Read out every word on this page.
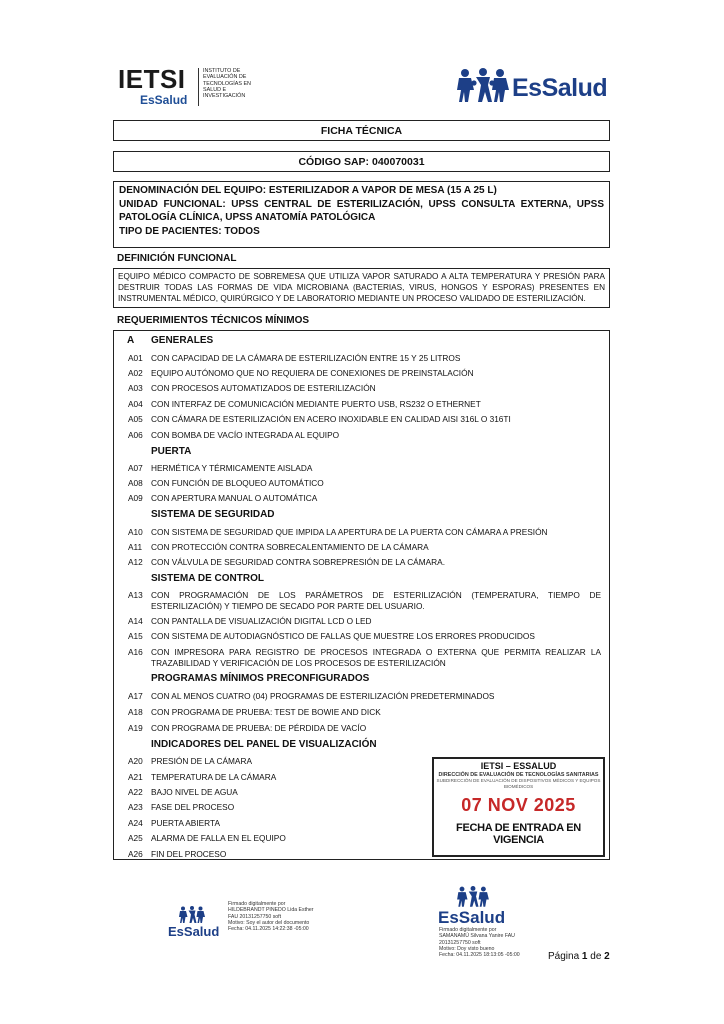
IETSI
EsSalud
INSTITUTO DE
EVALUACIÓN DE
TECNOLOGÍAS EN
SALUD E
INVESTIGACIÓN	EsSalud
FICHA TÉCNICA
CÓDIGO SAP: 040070031
DENOMINACIÓN DEL EQUIPO: ESTERILIZADOR A VAPOR DE MESA (15 A 25 L)
UNIDAD FUNCIONAL: UPSS CENTRAL DE ESTERILIZACIÓN, UPSS CONSULTA EXTERNA, UPSS PATOLOGÍA CLÍNICA, UPSS ANATOMÍA PATOLÓGICA
TIPO DE PACIENTES: TODOS
DEFINICIÓN FUNCIONAL
EQUIPO MÉDICO COMPACTO DE SOBREMESA QUE UTILIZA VAPOR SATURADO A ALTA TEMPERATURA Y PRESIÓN PARA DESTRUIR TODAS LAS FORMAS DE VIDA MICROBIANA (BACTERIAS, VIRUS, HONGOS Y ESPORAS) PRESENTES EN INSTRUMENTAL MÉDICO, QUIRÚRGICO Y DE LABORATORIO MEDIANTE UN PROCESO VALIDADO DE ESTERILIZACIÓN.
REQUERIMIENTOS TÉCNICOS MÍNIMOS
A GENERALES
A01 CON CAPACIDAD DE LA CÁMARA DE ESTERILIZACIÓN ENTRE 15 Y 25 LITROS
A02 EQUIPO AUTÓNOMO QUE NO REQUIERA DE CONEXIONES DE PREINSTALACIÓN
A03 CON PROCESOS AUTOMATIZADOS DE ESTERILIZACIÓN
A04 CON INTERFAZ DE COMUNICACIÓN MEDIANTE PUERTO USB, RS232 O ETHERNET
A05 CON CÁMARA DE ESTERILIZACIÓN EN ACERO INOXIDABLE EN CALIDAD AISI 316L O 316TI
A06 CON BOMBA DE VACÍO INTEGRADA AL EQUIPO
PUERTA
A07 HERMÉTICA Y TÉRMICAMENTE AISLADA
A08 CON FUNCIÓN DE BLOQUEO AUTOMÁTICO
A09 CON APERTURA MANUAL O AUTOMÁTICA
SISTEMA DE SEGURIDAD
A10 CON SISTEMA DE SEGURIDAD QUE IMPIDA LA APERTURA DE LA PUERTA CON CÁMARA A PRESIÓN
A11 CON PROTECCIÓN CONTRA SOBRECALENTAMIENTO DE LA CÁMARA
A12 CON VÁLVULA DE SEGURIDAD CONTRA SOBREPRESIÓN DE LA CÁMARA.
SISTEMA DE CONTROL
A13 CON PROGRAMACIÓN DE LOS PARÁMETROS DE ESTERILIZACIÓN (TEMPERATURA, TIEMPO DE ESTERILIZACIÓN) Y TIEMPO DE SECADO POR PARTE DEL USUARIO.
A14 CON PANTALLA DE VISUALIZACIÓN DIGITAL LCD O LED
A15 CON SISTEMA DE AUTODIAGNÓSTICO DE FALLAS QUE MUESTRE LOS ERRORES PRODUCIDOS
A16 CON IMPRESORA PARA REGISTRO DE PROCESOS INTEGRADA O EXTERNA QUE PERMITA REALIZAR LA TRAZABILIDAD Y VERIFICACIÓN DE LOS PROCESOS DE ESTERILIZACIÓN
PROGRAMAS MÍNIMOS PRECONFIGURADOS
A17 CON AL MENOS CUATRO (04) PROGRAMAS DE ESTERILIZACIÓN PREDETERMINADOS
A18 CON PROGRAMA DE PRUEBA: TEST DE BOWIE AND DICK
A19 CON PROGRAMA DE PRUEBA: DE PÉRDIDA DE VACÍO
INDICADORES DEL PANEL DE VISUALIZACIÓN
A20 PRESIÓN DE LA CÁMARA
A21 TEMPERATURA DE LA CÁMARA
A22 BAJO NIVEL DE AGUA
A23 FASE DEL PROCESO
A24 PUERTA ABIERTA
A25 ALARMA DE FALLA EN EL EQUIPO
A26 FIN DEL PROCESO
IETSI – ESSALUD
DIRECCIÓN DE EVALUACIÓN DE TECNOLOGÍAS SANITARIAS
SUBDIRECCIÓN DE EVALUACIÓN DE DISPOSITIVOS MÉDICOS Y EQUIPOS BIOMÉDICOS
07 NOV 2025
FECHA DE ENTRADA EN VIGENCIA
EsSalud
Firmado digitalmente por
HILDEBRANDT PINEDO Lida Esther
FAU 20131257750 soft
Motivo: Soy el autor del documento
Fecha: 04.11.2025 14:22:38 -05:00
EsSalud
Firmado digitalmente por
SAMANAMÚ Silvana Yanire FAU
20131257750 soft
Motivo: Doy visto bueno
Fecha: 04.11.2025 18:13:05 -05:00	Página 1 de 2
